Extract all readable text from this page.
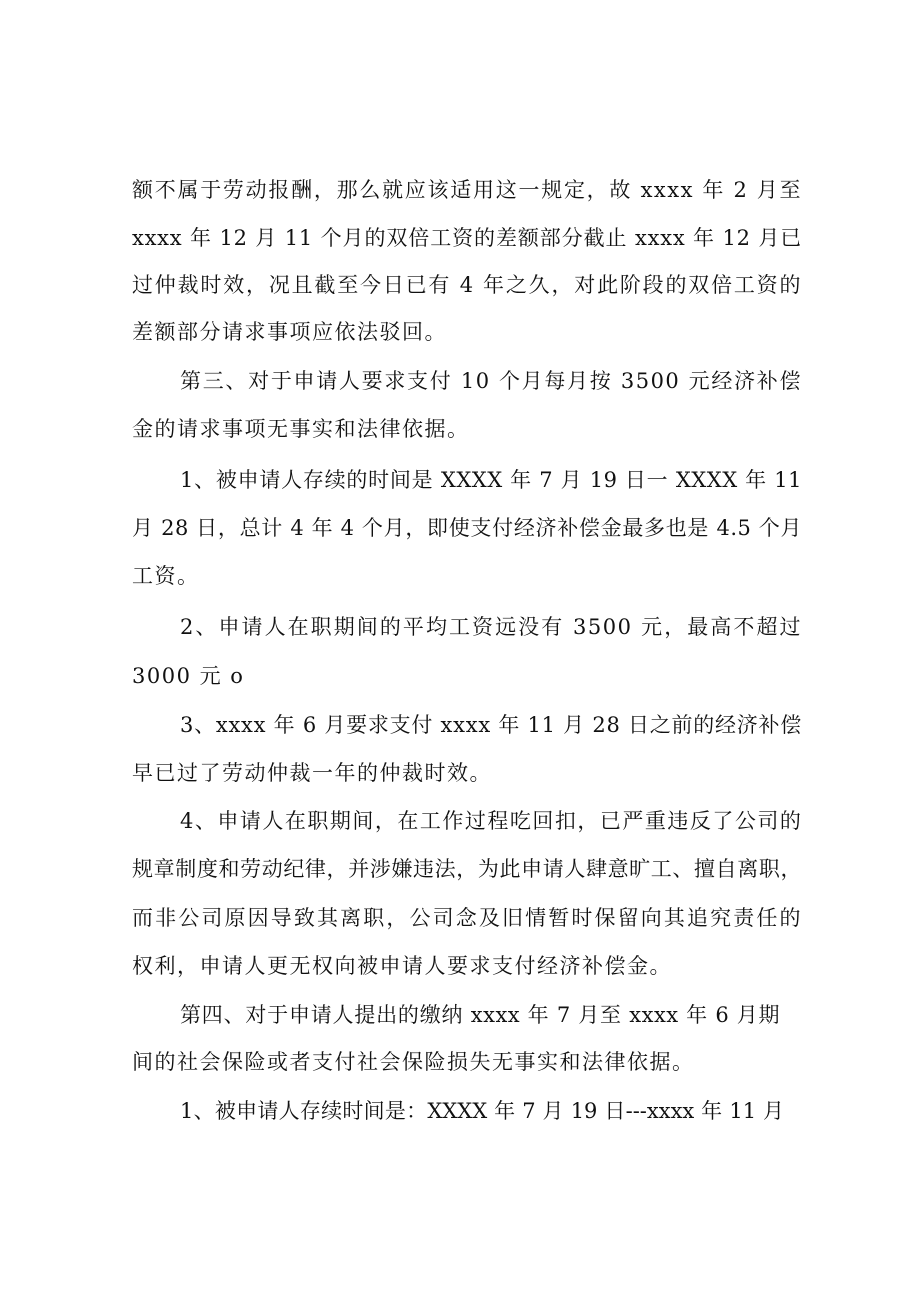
额不属于劳动报酬，那么就应该适用这一规定，故 xxxx 年 2 月至
xxxx 年 12 月 11 个月的双倍工资的差额部分截止 xxxx 年 12 月已
过仲裁时效，况且截至今日已有 4 年之久，对此阶段的双倍工资的
差额部分请求事项应依法驳回。
第三、对于申请人要求支付 10 个月每月按 3500 元经济补偿
金的请求事项无事实和法律依据。
1、被申请人存续的时间是 XXXX 年 7 月 19 日一 XXXX 年 11
月 28 日，总计 4 年 4 个月，即使支付经济补偿金最多也是 4.5 个月
工资。
2、申请人在职期间的平均工资远没有 3500 元，最高不超过
3000 元 o
3、xxxx 年 6 月要求支付 xxxx 年 11 月 28 日之前的经济补偿
早已过了劳动仲裁一年的仲裁时效。
4、申请人在职期间，在工作过程吃回扣，已严重违反了公司的
规章制度和劳动纪律，并涉嫌违法，为此申请人肆意旷工、擅自离职，
而非公司原因导致其离职，公司念及旧情暂时保留向其追究责任的
权利，申请人更无权向被申请人要求支付经济补偿金。
第四、对于申请人提出的缴纳 xxxx 年 7 月至 xxxx 年 6 月期
间的社会保险或者支付社会保险损失无事实和法律依据。
1、被申请人存续时间是：XXXX 年 7 月 19 日---xxxx 年 11 月
